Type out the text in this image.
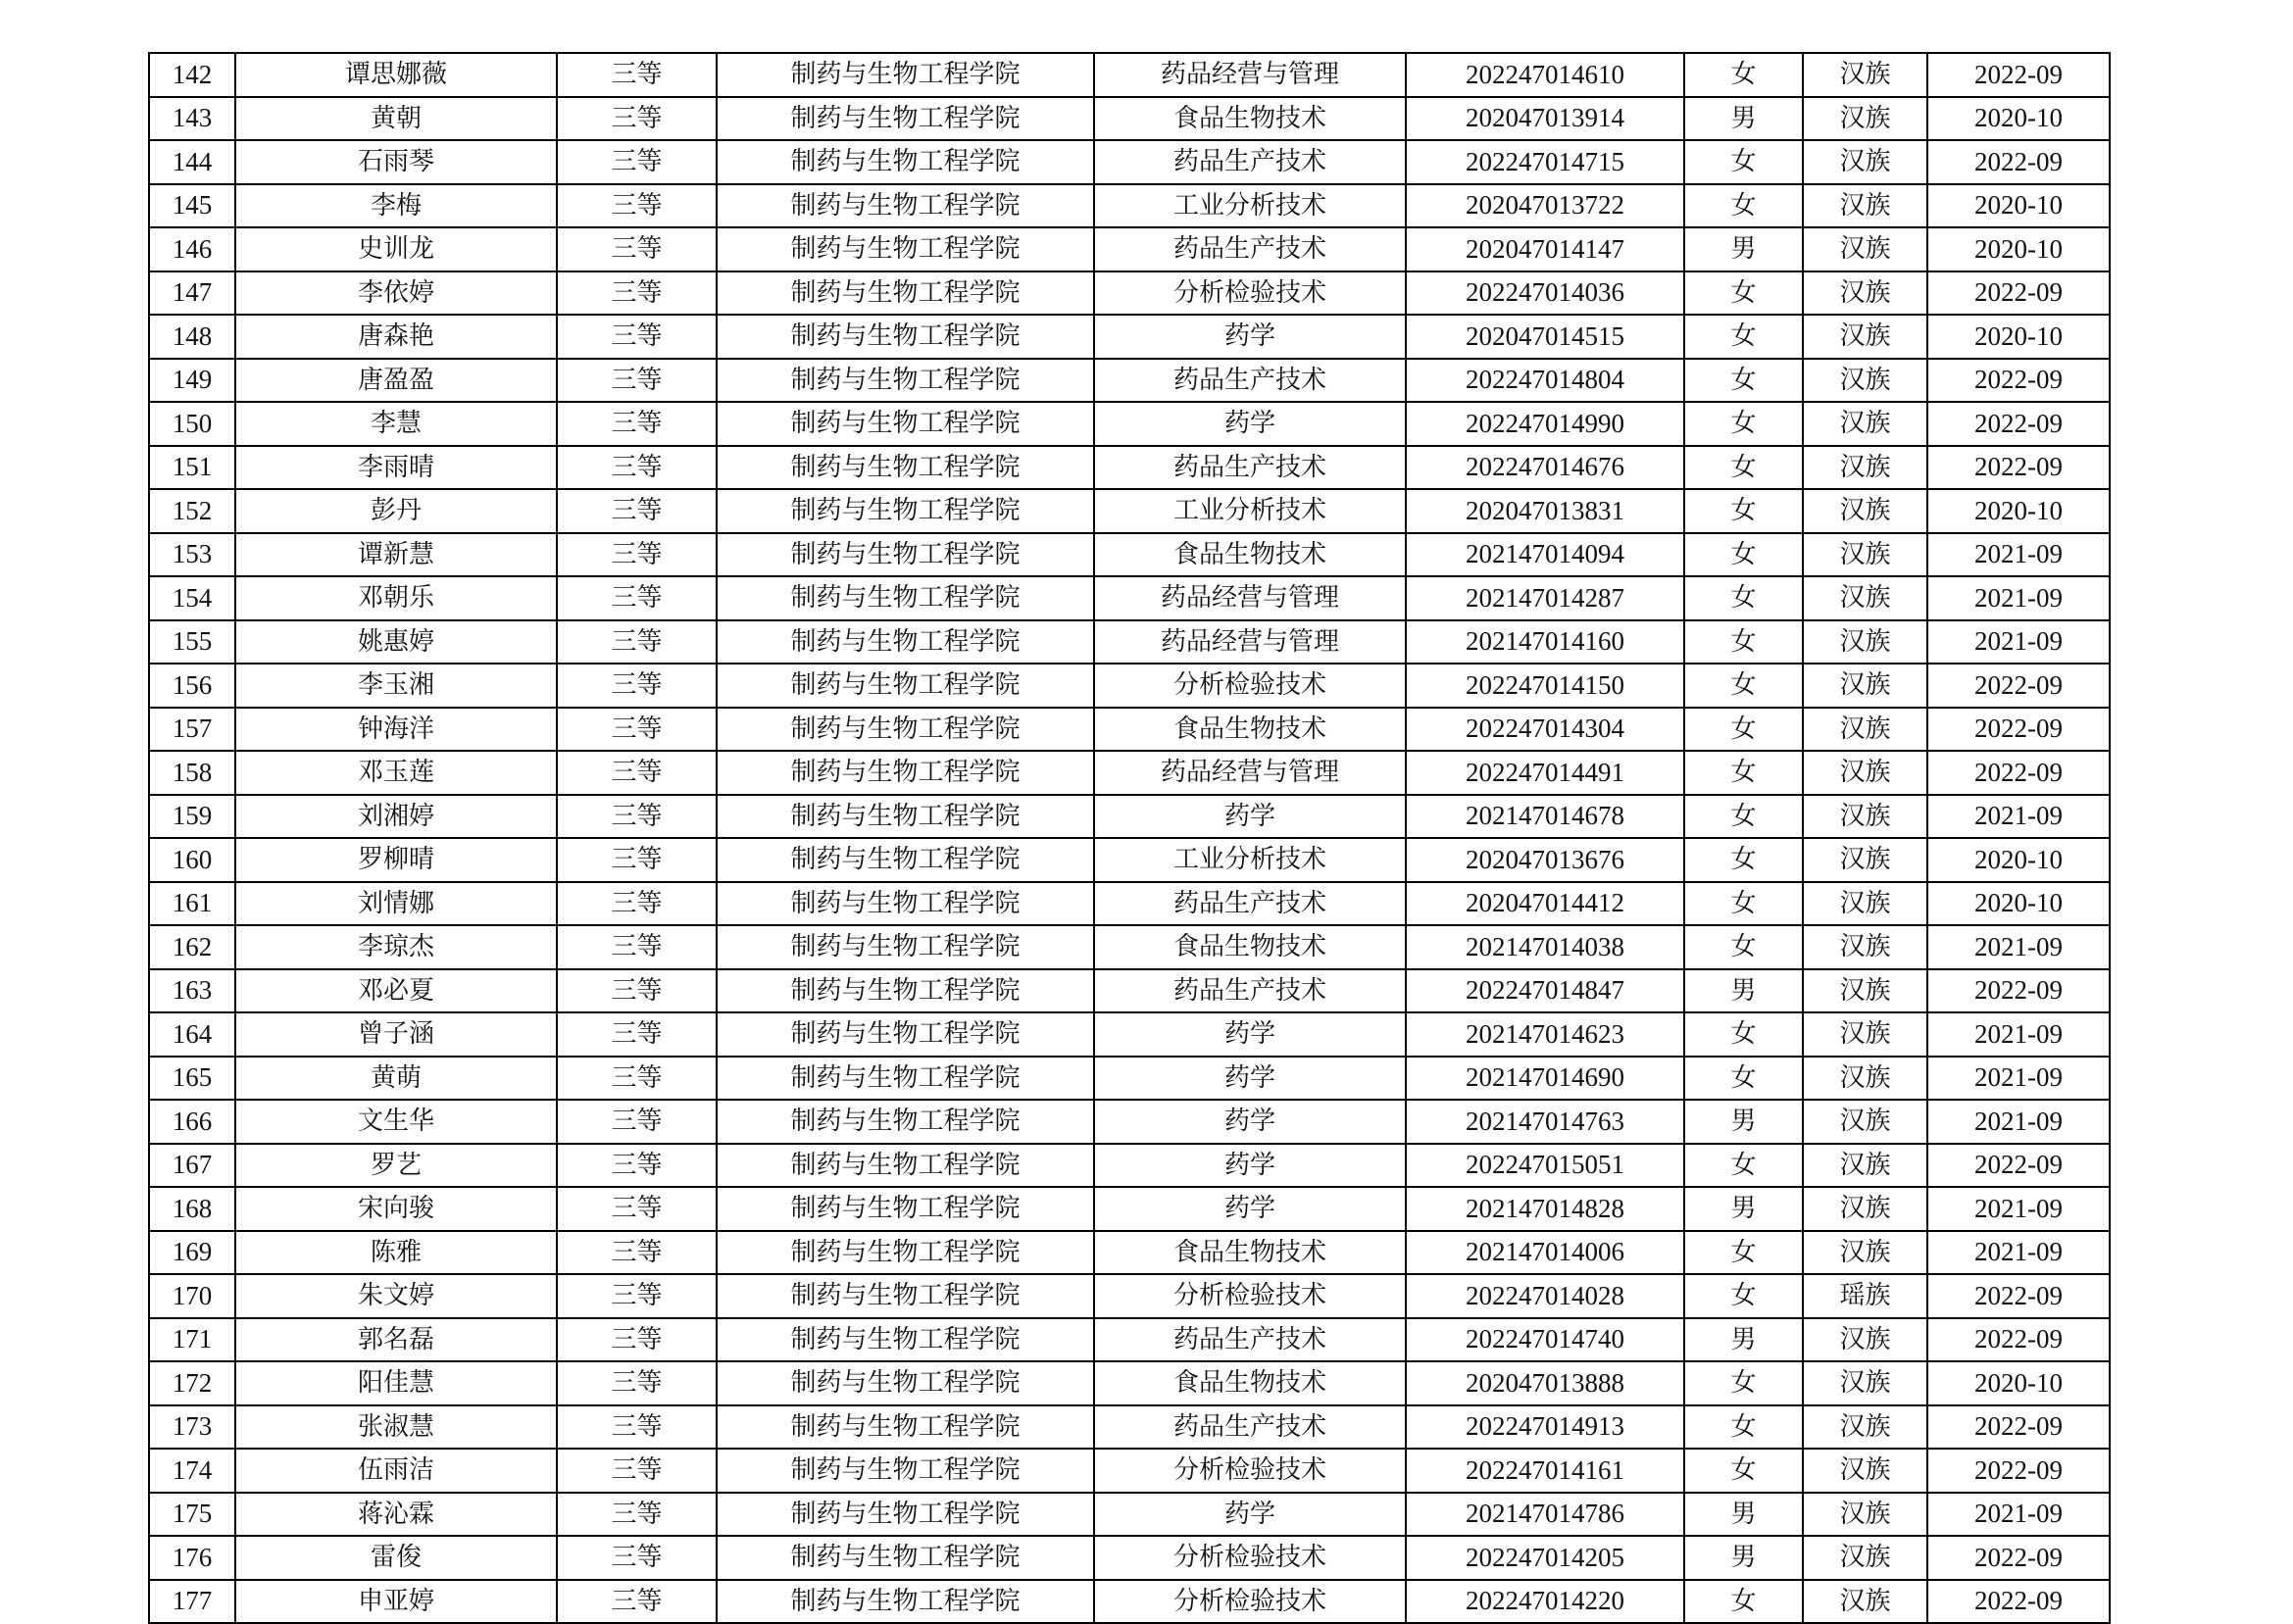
142	谭思娜薇	三等	制药与生物工程学院	药品经营与管理	202247014610	女	汉族	2022-09
143	黄朝	三等	制药与生物工程学院	食品生物技术	202047013914	男	汉族	2020-10
144	石雨琴	三等	制药与生物工程学院	药品生产技术	202247014715	女	汉族	2022-09
145	李梅	三等	制药与生物工程学院	工业分析技术	202047013722	女	汉族	2020-10
146	史训龙	三等	制药与生物工程学院	药品生产技术	202047014147	男	汉族	2020-10
147	李依婷	三等	制药与生物工程学院	分析检验技术	202247014036	女	汉族	2022-09
148	唐森艳	三等	制药与生物工程学院	药学	202047014515	女	汉族	2020-10
149	唐盈盈	三等	制药与生物工程学院	药品生产技术	202247014804	女	汉族	2022-09
150	李慧	三等	制药与生物工程学院	药学	202247014990	女	汉族	2022-09
151	李雨晴	三等	制药与生物工程学院	药品生产技术	202247014676	女	汉族	2022-09
152	彭丹	三等	制药与生物工程学院	工业分析技术	202047013831	女	汉族	2020-10
153	谭新慧	三等	制药与生物工程学院	食品生物技术	202147014094	女	汉族	2021-09
154	邓朝乐	三等	制药与生物工程学院	药品经营与管理	202147014287	女	汉族	2021-09
155	姚惠婷	三等	制药与生物工程学院	药品经营与管理	202147014160	女	汉族	2021-09
156	李玉湘	三等	制药与生物工程学院	分析检验技术	202247014150	女	汉族	2022-09
157	钟海洋	三等	制药与生物工程学院	食品生物技术	202247014304	女	汉族	2022-09
158	邓玉莲	三等	制药与生物工程学院	药品经营与管理	202247014491	女	汉族	2022-09
159	刘湘婷	三等	制药与生物工程学院	药学	202147014678	女	汉族	2021-09
160	罗柳晴	三等	制药与生物工程学院	工业分析技术	202047013676	女	汉族	2020-10
161	刘情娜	三等	制药与生物工程学院	药品生产技术	202047014412	女	汉族	2020-10
162	李琼杰	三等	制药与生物工程学院	食品生物技术	202147014038	女	汉族	2021-09
163	邓必夏	三等	制药与生物工程学院	药品生产技术	202247014847	男	汉族	2022-09
164	曾子涵	三等	制药与生物工程学院	药学	202147014623	女	汉族	2021-09
165	黄萌	三等	制药与生物工程学院	药学	202147014690	女	汉族	2021-09
166	文生华	三等	制药与生物工程学院	药学	202147014763	男	汉族	2021-09
167	罗艺	三等	制药与生物工程学院	药学	202247015051	女	汉族	2022-09
168	宋向骏	三等	制药与生物工程学院	药学	202147014828	男	汉族	2021-09
169	陈雅	三等	制药与生物工程学院	食品生物技术	202147014006	女	汉族	2021-09
170	朱文婷	三等	制药与生物工程学院	分析检验技术	202247014028	女	瑶族	2022-09
171	郭名磊	三等	制药与生物工程学院	药品生产技术	202247014740	男	汉族	2022-09
172	阳佳慧	三等	制药与生物工程学院	食品生物技术	202047013888	女	汉族	2020-10
173	张淑慧	三等	制药与生物工程学院	药品生产技术	202247014913	女	汉族	2022-09
174	伍雨洁	三等	制药与生物工程学院	分析检验技术	202247014161	女	汉族	2022-09
175	蒋沁霖	三等	制药与生物工程学院	药学	202147014786	男	汉族	2021-09
176	雷俊	三等	制药与生物工程学院	分析检验技术	202247014205	男	汉族	2022-09
177	申亚婷	三等	制药与生物工程学院	分析检验技术	202247014220	女	汉族	2022-09
